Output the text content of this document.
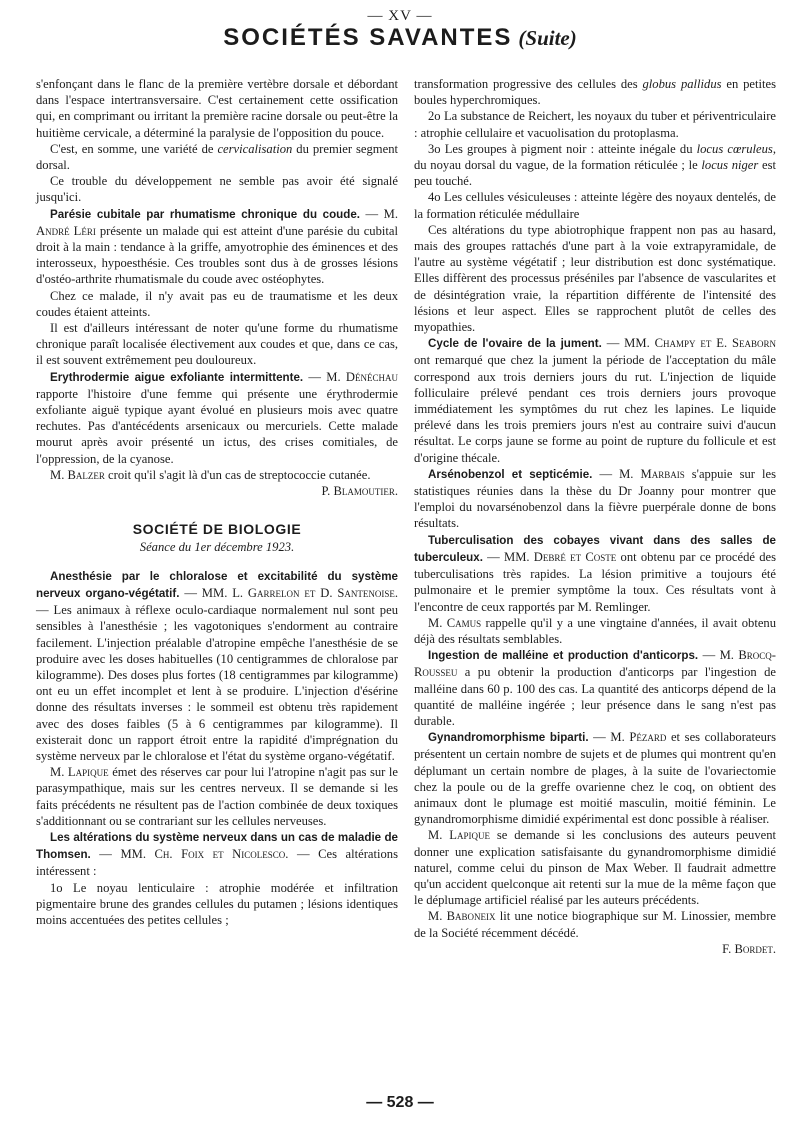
— XV —
SOCIÉTÉS SAVANTES (Suite)

s'enfonçant dans le flanc de la première vertèbre dorsale et débordant dans l'espace intertransversaire. C'est certainement cette ossification qui, en comprimant ou irritant la première racine dorsale ou peut-être la huitième cervicale, a déterminé la paralysie de l'opposition du pouce.

C'est, en somme, une variété de cervicalisation du premier segment dorsal.

Ce trouble du développement ne semble pas avoir été signalé jusqu'ici.

Parésie cubitale par rhumatisme chronique du coude. — M. André Léri présente un malade qui est atteint d'une parésie du cubital droit à la main : tendance à la griffe, amyotrophie des éminences et des interosseux, hypoesthésie. Ces troubles sont dus à de grosses lésions d'ostéo-arthrite rhumatismale du coude avec ostéophytes.

Chez ce malade, il n'y avait pas eu de traumatisme et les deux coudes étaient atteints.

Il est d'ailleurs intéressant de noter qu'une forme du rhumatisme chronique paraît localisée électivement aux coudes et que, dans ce cas, il est souvent extrêmement peu douloureux.

Erythrodermie aigue exfoliante intermittente. — M. Dénéchau rapporte l'histoire d'une femme qui présente une érythrodermie exfoliante aiguë typique ayant évolué en plusieurs mois avec quatre rechutes. Pas d'antécédents arsenicaux ou mercuriels. Cette malade mourut après avoir présenté un ictus, des crises comitiales, de l'oppression, de la cyanose.

M. Balzer croit qu'il s'agit là d'un cas de streptococcie cutanée.

P. Blamoutier.

SOCIÉTÉ DE BIOLOGIE
Séance du 1er décembre 1923.

Anesthésie par le chloralose et excitabilité du système nerveux organo-végétatif. — MM. L. Garrelon et D. Santenoise. — Les animaux à réflexe oculo-cardiaque normalement nul sont peu sensibles à l'anesthésie ; les vagotoniques s'endorment au contraire facilement. L'injection préalable d'atropine empêche l'anesthésie de se produire avec les doses habituelles (10 centigrammes de chloralose par kilogramme). Des doses plus fortes (18 centigrammes par kilogramme) ont eu un effet incomplet et lent à se produire. L'injection d'ésérine donne des résultats inverses : le sommeil est obtenu très rapidement avec des doses faibles (5 à 6 centigrammes par kilogramme). Il existerait donc un rapport étroit entre la rapidité d'imprégnation du système nerveux par le chloralose et l'état du système organo-végétatif.

M. Lapique émet des réserves car pour lui l'atropine n'agit pas sur le parasympathique, mais sur les centres nerveux. Il se demande si les faits précédents ne résultent pas de l'action combinée de deux toxiques s'additionnant ou se contrariant sur les cellules nerveuses.

Les altérations du système nerveux dans un cas de maladie de Thomsen. — MM. Ch. Foix et Nicolesco. — Ces altérations intéressent :

1o Le noyau lenticulaire : atrophie modérée et infiltration pigmentaire brune des grandes cellules du putamen ; lésions identiques moins accentuées des petites cellules ;

transformation progressive des cellules des globus pallidus en petites boules hyperchromiques.

2o La substance de Reichert, les noyaux du tuber et périventriculaire : atrophie cellulaire et vacuolisation du protoplasma.

3o Les groupes à pigment noir : atteinte inégale du locus cœruleus, du noyau dorsal du vague, de la formation réticulée ; le locus niger est peu touché.

4o Les cellules vésiculeuses : atteinte légère des noyaux dentelés, de la formation réticulée médullaire

Ces altérations du type abiotrophique frappent non pas au hasard, mais des groupes rattachés d'une part à la voie extrapyramidale, de l'autre au système végétatif ; leur distribution est donc systématique. Elles diffèrent des processus préséniles par l'absence de vascularites et de désintégration vraie, la répartition différente de l'intensité des lésions et leur aspect. Elles se rapprochent plutôt de celles des myopathies.

Cycle de l'ovaire de la jument. — MM. Champy et E. Seaborn ont remarqué que chez la jument la période de l'acceptation du mâle correspond aux trois derniers jours du rut. L'injection de liquide folliculaire prélevé pendant ces trois derniers jours provoque immédiatement les symptômes du rut chez les lapines. Le liquide prélevé dans les trois premiers jours n'est au contraire suivi d'aucun résultat. Le corps jaune se forme au point de rupture du follicule et est d'origine thécale.

Arsénobenzol et septicémie. — M. Marbais s'appuie sur les statistiques réunies dans la thèse du Dr Joanny pour montrer que l'emploi du novarsénobenzol dans la fièvre puerpérale donne de bons résultats.

Tuberculisation des cobayes vivant dans des salles de tuberculeux. — MM. Debré et Coste ont obtenu par ce procédé des tuberculisations très rapides. La lésion primitive a toujours été pulmonaire et le premier symptôme la toux. Ces résultats vont à l'encontre de ceux rapportés par M. Remlinger.

M. Camus rappelle qu'il y a une vingtaine d'années, il avait obtenu déjà des résultats semblables.

Ingestion de malléine et production d'anticorps. — M. Brocq-Rousseu a pu obtenir la production d'anticorps par l'ingestion de malléine dans 60 p. 100 des cas. La quantité des anticorps dépend de la quantité de malléine ingérée ; leur présence dans le sang n'est pas durable.

Gynandromorphisme biparti. — M. Pézard et ses collaborateurs présentent un certain nombre de sujets et de plumes qui montrent qu'en déplumant un certain nombre de plages, à la suite de l'ovariectomie chez la poule ou de la greffe ovarienne chez le coq, on obtient des animaux dont le plumage est moitié masculin, moitié féminin. Le gynandromorphisme dimidié expérimental est donc possible à réaliser.

M. Lapique se demande si les conclusions des auteurs peuvent donner une explication satisfaisante du gynandromorphisme dimidié naturel, comme celui du pinson de Max Weber. Il faudrait admettre qu'un accident quelconque ait retenti sur la mue de la même façon que le déplumage artificiel réalisé par les auteurs précédents.

M. Baboneix lit une notice biographique sur M. Linossier, membre de la Société récemment décédé.

F. Bordet.

— 528 —
